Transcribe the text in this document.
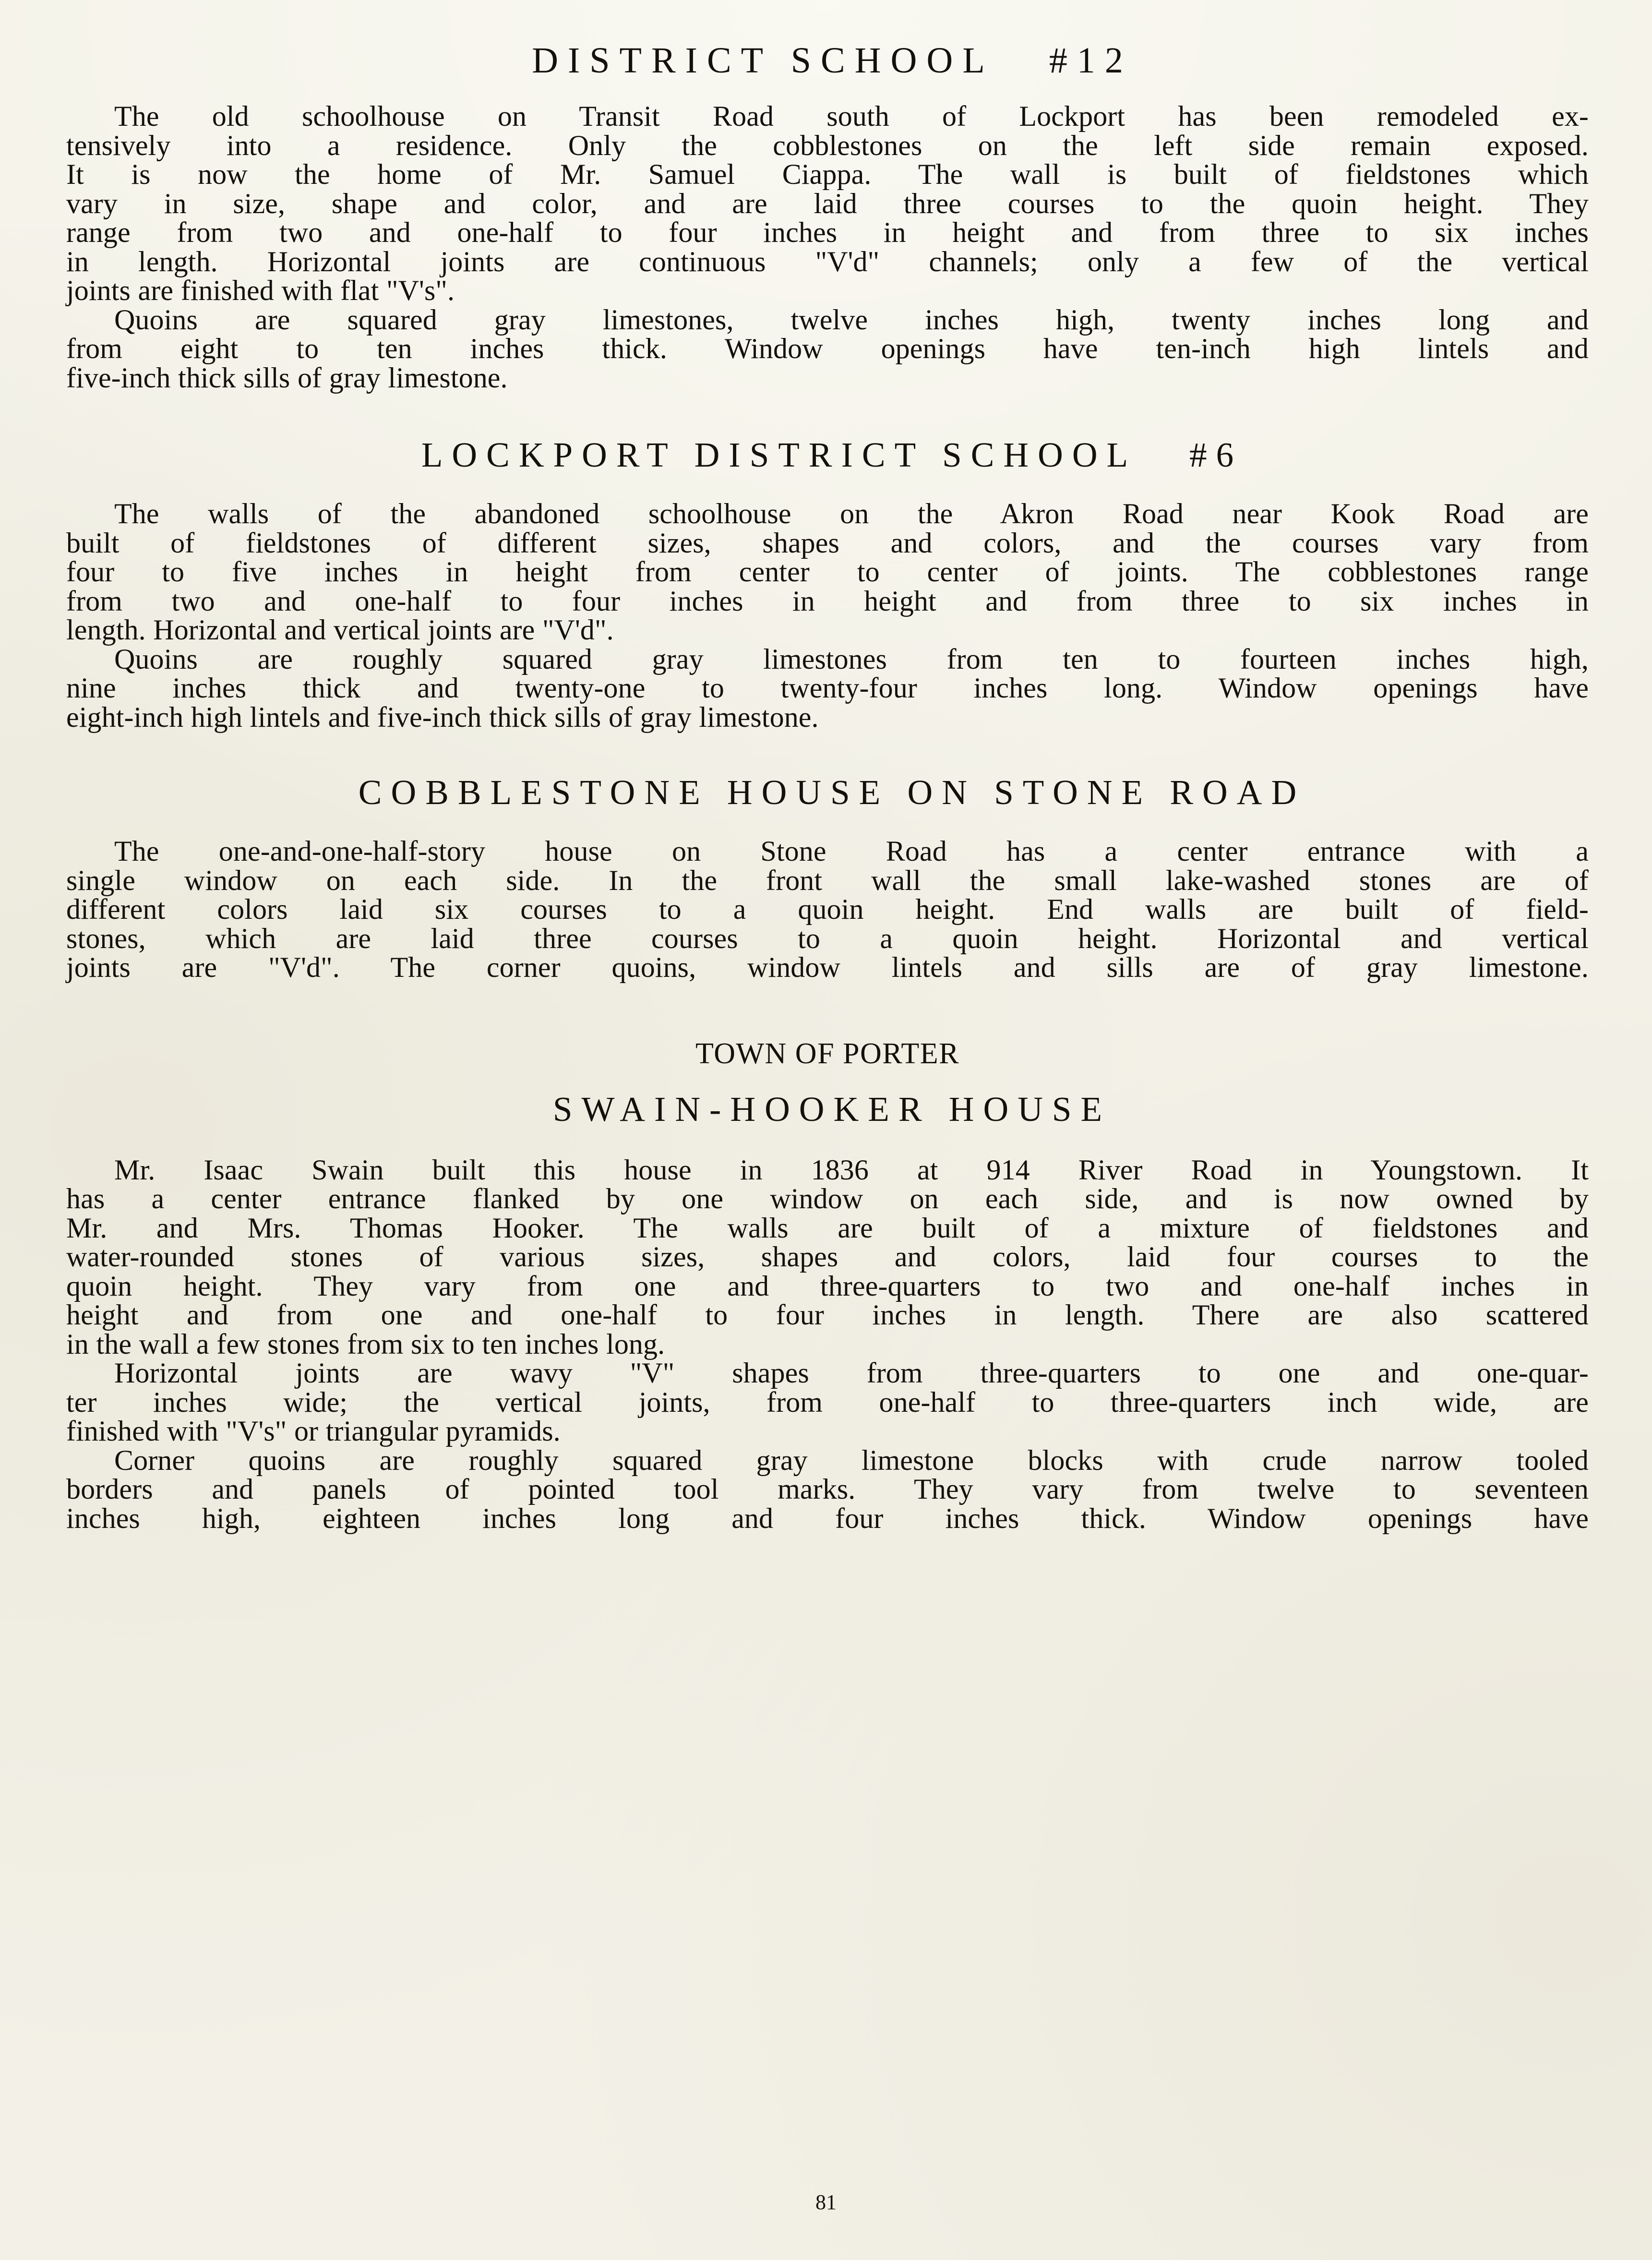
DISTRICT SCHOOL   #12
The old schoolhouse on Transit Road south of Lockport has been remodeled ex-
tensively into a residence. Only the cobblestones on the left side remain exposed.
It is now the home of Mr. Samuel Ciappa. The wall is built of fieldstones which
vary in size, shape and color, and are laid three courses to the quoin height. They
range from two and one-half to four inches in height and from three to six inches
in length. Horizontal joints are continuous "V'd" channels; only a few of the vertical
joints are finished with flat "V's".
Quoins are squared gray limestones, twelve inches high, twenty inches long and
from eight to ten inches thick. Window openings have ten-inch high lintels and
five-inch thick sills of gray limestone.
LOCKPORT DISTRICT SCHOOL   #6
The walls of the abandoned schoolhouse on the Akron Road near Kook Road are
built of fieldstones of different sizes, shapes and colors, and the courses vary from
four to five inches in height from center to center of joints. The cobblestones range
from two and one-half to four inches in height and from three to six inches in
length. Horizontal and vertical joints are "V'd".
Quoins are roughly squared gray limestones from ten to fourteen inches high,
nine inches thick and twenty-one to twenty-four inches long. Window openings have
eight-inch high lintels and five-inch thick sills of gray limestone.
COBBLESTONE HOUSE ON STONE ROAD
The one-and-one-half-story house on Stone Road has a center entrance with a
single window on each side. In the front wall the small lake-washed stones are of
different colors laid six courses to a quoin height. End walls are built of field-
stones, which are laid three courses to a quoin height. Horizontal and vertical
joints are "V'd". The corner quoins, window lintels and sills are of gray limestone.
TOWN OF PORTER
SWAIN-HOOKER HOUSE
Mr. Isaac Swain built this house in 1836 at 914 River Road in Youngstown. It
has a center entrance flanked by one window on each side, and is now owned by
Mr. and Mrs. Thomas Hooker. The walls are built of a mixture of fieldstones and
water-rounded stones of various sizes, shapes and colors, laid four courses to the
quoin height. They vary from one and three-quarters to two and one-half inches in
height and from one and one-half to four inches in length. There are also scattered
in the wall a few stones from six to ten inches long.
Horizontal joints are wavy "V" shapes from three-quarters to one and one-quar-
ter inches wide; the vertical joints, from one-half to three-quarters inch wide, are
finished with "V's" or triangular pyramids.
Corner quoins are roughly squared gray limestone blocks with crude narrow tooled
borders and panels of pointed tool marks. They vary from twelve to seventeen
inches high, eighteen inches long and four inches thick. Window openings have
81
